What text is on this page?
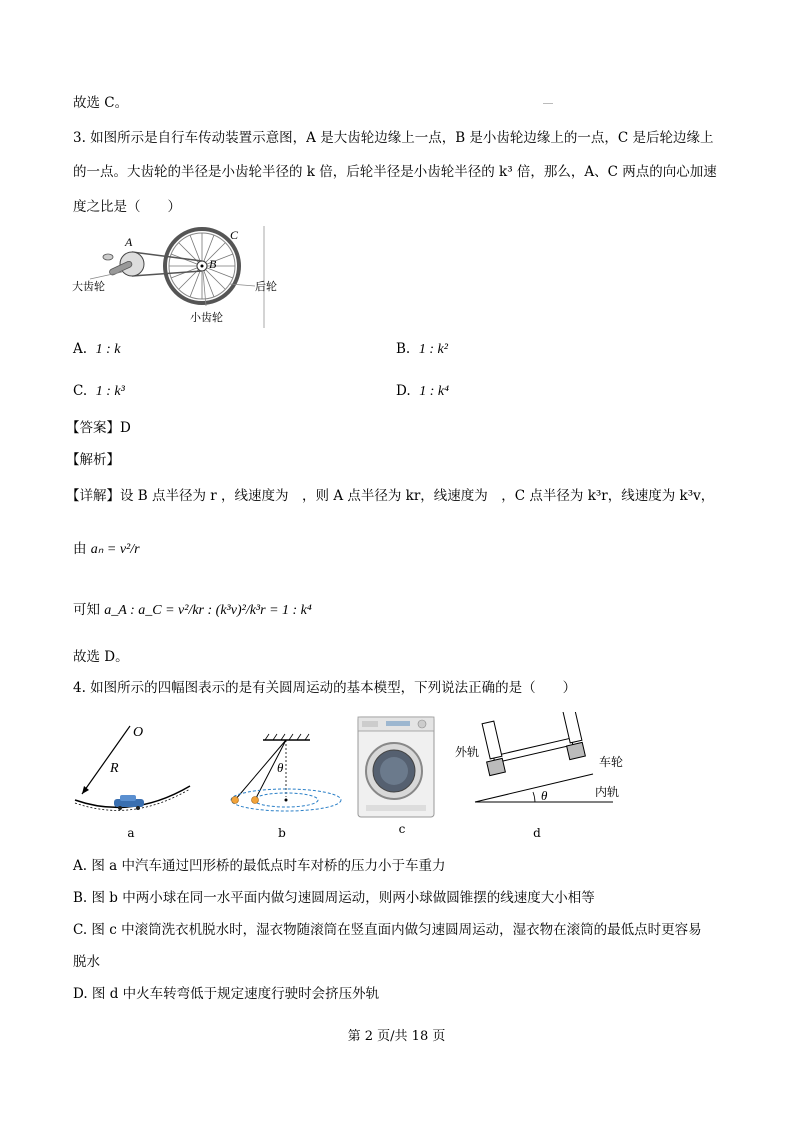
故选 C。
3. 如图所示是自行车传动装置示意图，A 是大齿轮边缘上一点，B 是小齿轮边缘上的一点，C 是后轮边缘上
的一点。大齿轮的半径是小齿轮半径的 k 倍，后轮半径是小齿轮半径的 k³ 倍，那么，A、C 两点的向心加速
度之比是（　　）
A
B
C
大齿轮	后轮
小齿轮
A. 1 : k	B. 1 : k²
C. 1 : k³	D. 1 : k⁴
【答案】D
【解析】
【详解】设 B 点半径为 r ，线速度为　，则 A 点半径为 kr，线速度为　，C 点半径为 k³r，线速度为 k³v，
由 aₙ = v²/r
可知 a_A : a_C = v²/kr : (k³v)²/k³r = 1 : k⁴
故选 D。
4. 如图所示的四幅图表示的是有关圆周运动的基本模型，下列说法正确的是（　　）
O
R
a
θ
b	c
θ
外轨
车轮
内轨
d
A. 图 a 中汽车通过凹形桥的最低点时车对桥的压力小于车重力
B. 图 b 中两小球在同一水平面内做匀速圆周运动，则两小球做圆锥摆的线速度大小相等
C. 图 c 中滚筒洗衣机脱水时，湿衣物随滚筒在竖直面内做匀速圆周运动，湿衣物在滚筒的最低点时更容易
脱水
D. 图 d 中火车转弯低于规定速度行驶时会挤压外轨
第 2 页/共 18 页
